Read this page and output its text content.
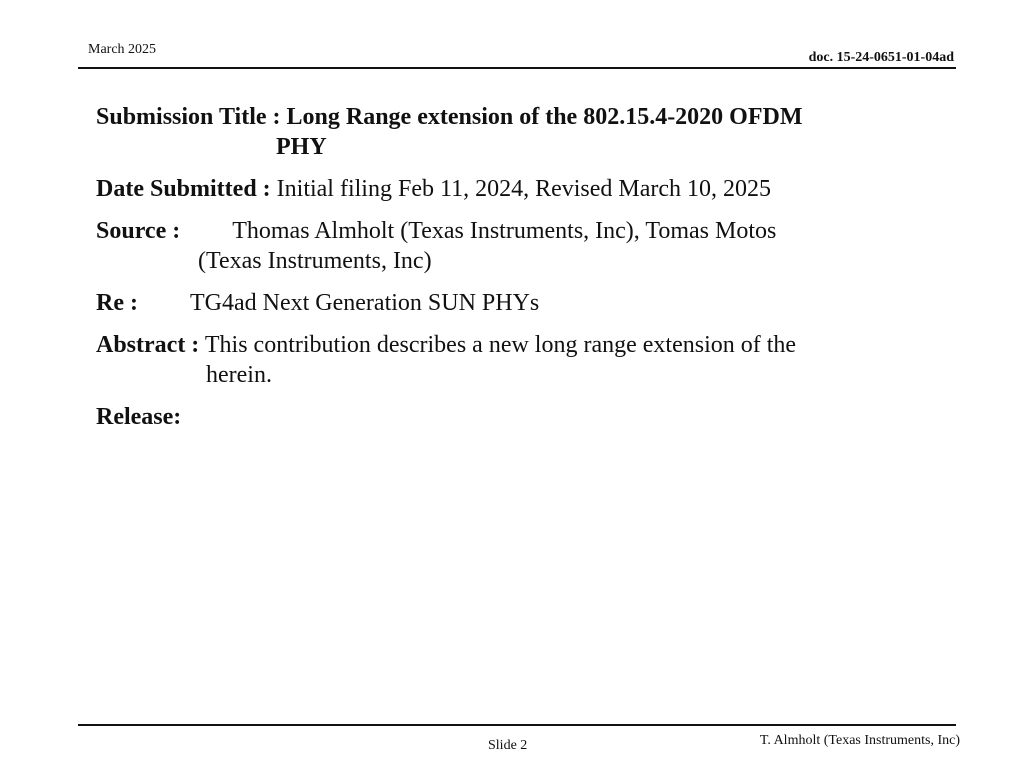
March 2025
doc. 15-24-0651-01-04ad
Submission Title : Long Range extension of the 802.15.4-2020 OFDM
PHY
Date Submitted : Initial filing Feb 11, 2024, Revised March 10, 2025
Source : Thomas Almholt (Texas Instruments, Inc), Tomas Motos
(Texas Instruments, Inc)
Re : TG4ad Next Generation SUN PHYs
Abstract : This contribution describes a new long range extension of the
herein.
Release:
Slide 2	T. Almholt (Texas Instruments, Inc)
